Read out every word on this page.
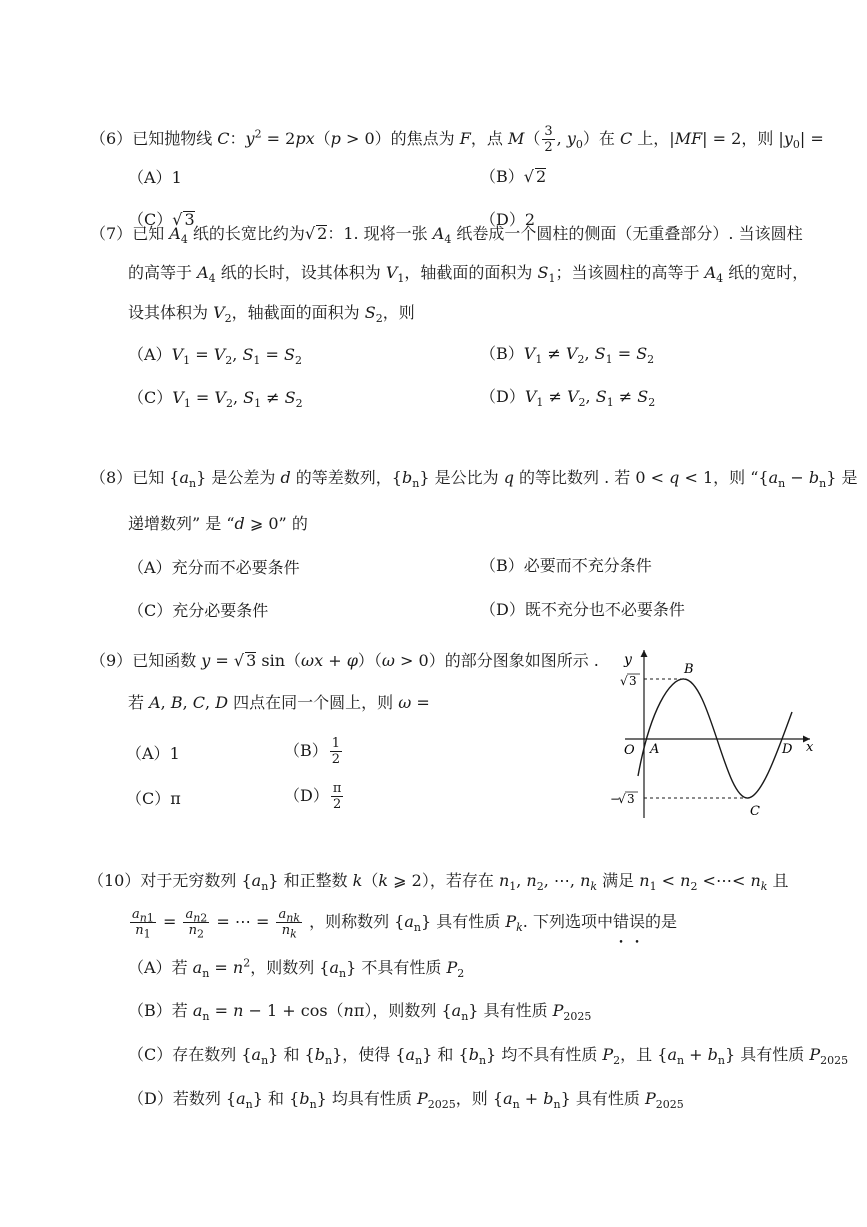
（6）已知抛物线 C：$y^2 = 2px(p > 0)$的焦点为 F，点 $M( \frac{3}{2}$ , $y_0$）在 C 上，|MF| = 2，则 $|y_0|$ =
（A）1	（B）√ 2
（C）√ 3	（D）2
（7）已知 $A_4$ 纸的长宽比约为√ 2：1. 现将一张 $A_4$ 纸卷成一个圆柱的侧面（无重叠部分）. 当该圆柱
的高等于 $A_4$ 纸的长时，设其体积为 $V_1$，轴截面的面积为 $S_1$；当该圆柱的高等于 $A_4$ 纸的宽时，
设其体积为 $V_2$，轴截面的面积为 $S_2$，则
$(A)V_1 = V_2$, $S_1 = S_2$	$(B)V_1 \ne V_2$, $S_1 = S_2$
$(C)V_1 = V_2$, $S_1 \ne S_2$	$(D)V_1 \ne V_2$, $S_1 \ne S_2$
（8）已知 $\{a_n\}$ 是公差为 d 的等差数列，$\{b_n\}$ 是公比为 q 的等比数列 . 若 0 < q < 1，则 “$\{a_n - b_n\}$ 是
递增数列” 是 “d ⩾ 0” 的
（A）充分而不必要条件	（B）必要而不充分条件
（C）充分必要条件	（D）既不充分也不必要条件
（9）已知函数 y = √ 3 sin（ωx + φ）（ω > 0）的部分图象如图所示 .
若 A, B, C, D 四点在同一个圆上，则 ω =
（A）1	$(B) \frac{1}{2}$
（C）π	$(D) \frac{\pi}{2}$
y
x
O A
B
C
D
√ 3
−
√ 3
（10）对于无穷数列 $\{a_n\}$ 和正整数 k（k ⩾ 2），若存在 $n_1$, $n_2$, ⋯, $n_k$ 满足 $n_1 < n_2$ <⋯< $n_k$ 且
$\frac{a_{n1}}{n_1} = \frac{a_{n2}}{n_2}$ = ⋯ = $\frac{a_{nk}}{n_k}$ ，则称数列 $\{a_n\}$ 具有性质 $P_k$. 下列选项中错误的是
（A）若 $a_n = n^2$，则数列 $\{a_n\}$ 不具有性质 $P_2$
（B）若 $a_n = n - 1 + \cos(n\pi)$，则数列 $\{a_n\}$ 具有性质 $P_{2025}$
（C）存在数列 $\{a_n\}$ 和 $\{b_n\}$，使得 $\{a_n\}$ 和 $\{b_n\}$ 均不具有性质 $P_2$，且 $\{a_n + b_n\}$ 具有性质 $P_{2025}$
（D）若数列 $\{a_n\}$ 和 $\{b_n\}$ 均具有性质 $P_{2025}$，则 $\{a_n + b_n\}$ 具有性质 $P_{2025}$
